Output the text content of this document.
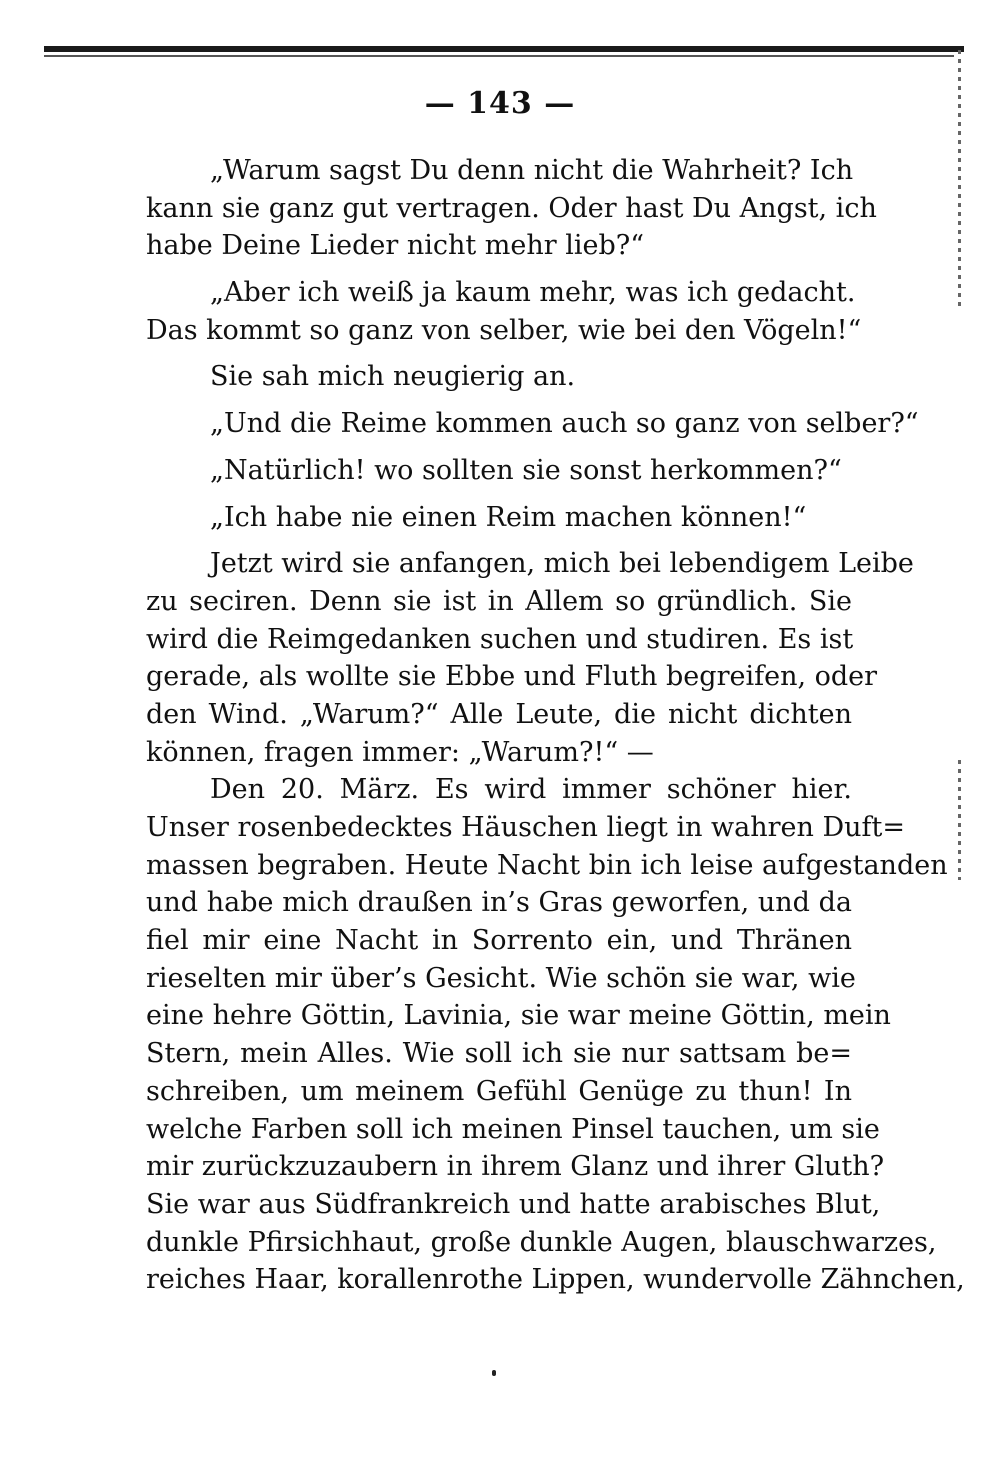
— 143 —
„Warum sagst Du denn nicht die Wahrheit? Ich
kann sie ganz gut vertragen. Oder hast Du Angst, ich
habe Deine Lieder nicht mehr lieb?“
„Aber ich weiß ja kaum mehr, was ich gedacht.
Das kommt so ganz von selber, wie bei den Vögeln!“
Sie sah mich neugierig an.
„Und die Reime kommen auch so ganz von selber?“
„Natürlich! wo sollten sie sonst herkommen?“
„Ich habe nie einen Reim machen können!“
Jetzt wird sie anfangen, mich bei lebendigem Leibe
zu seciren. Denn sie ist in Allem so gründlich. Sie
wird die Reimgedanken suchen und studiren. Es ist
gerade, als wollte sie Ebbe und Fluth begreifen, oder
den Wind. „Warum?“ Alle Leute, die nicht dichten
können, fragen immer: „Warum?!“ —
Den 20. März. Es wird immer schöner hier.
Unser rosenbedecktes Häuschen liegt in wahren Duft=
massen begraben. Heute Nacht bin ich leise aufgestanden
und habe mich draußen in’s Gras geworfen, und da
fiel mir eine Nacht in Sorrento ein, und Thränen
rieselten mir über’s Gesicht. Wie schön sie war, wie
eine hehre Göttin, Lavinia, sie war meine Göttin, mein
Stern, mein Alles. Wie soll ich sie nur sattsam be=
schreiben, um meinem Gefühl Genüge zu thun! In
welche Farben soll ich meinen Pinsel tauchen, um sie
mir zurückzuzaubern in ihrem Glanz und ihrer Gluth?
Sie war aus Südfrankreich und hatte arabisches Blut,
dunkle Pfirsichhaut, große dunkle Augen, blauschwarzes,
reiches Haar, korallenrothe Lippen, wundervolle Zähnchen,
